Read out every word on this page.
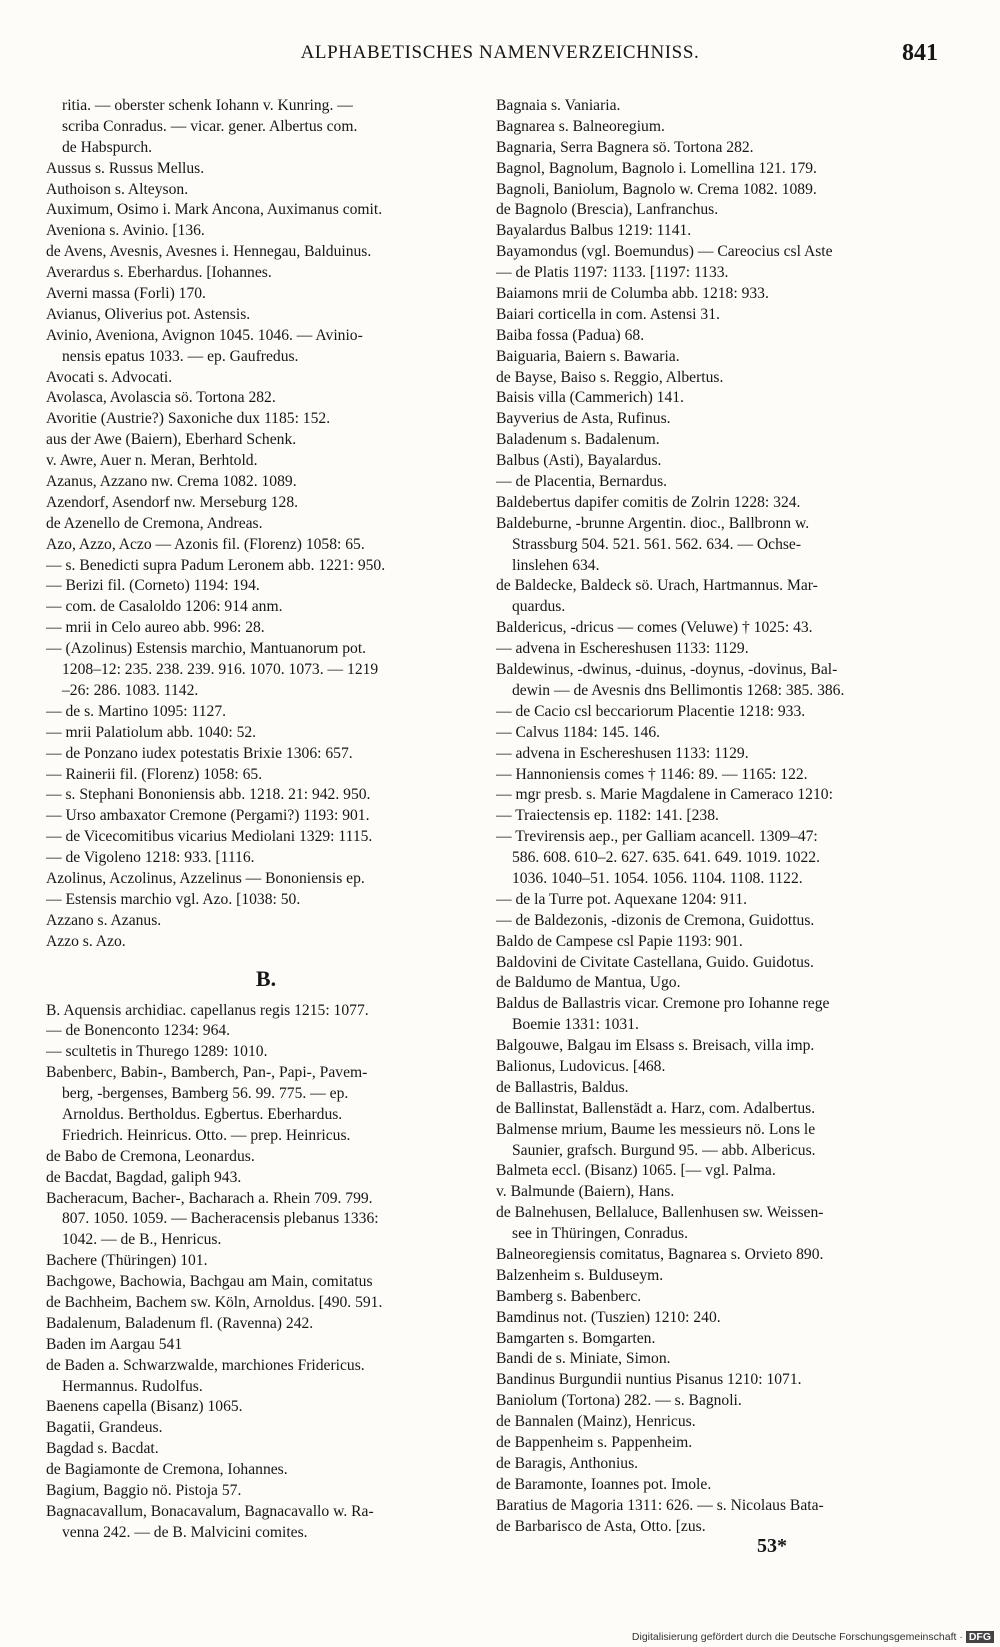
ALPHABETISCHES NAMENVERZEICHNISS.	841
ritia. — oberster schenk Iohann v. Kunring. —
scriba Conradus. — vicar. gener. Albertus com.
de Habspurch.
Aussus s. Russus Mellus.
Authoison s. Alteyson.
Auximum, Osimo i. Mark Ancona, Auximanus comit.
Aveniona s. Avinio. [136.
de Avens, Avesnis, Avesnes i. Hennegau, Balduinus.
Averardus s. Eberhardus. [Iohannes.
Averni massa (Forli) 170.
Avianus, Oliverius pot. Astensis.
Avinio, Aveniona, Avignon 1045. 1046. — Avinio-
nensis epatus 1033. — ep. Gaufredus.
Avocati s. Advocati.
Avolasca, Avolascia sö. Tortona 282.
Avoritie (Austrie?) Saxoniche dux 1185: 152.
aus der Awe (Baiern), Eberhard Schenk.
v. Awre, Auer n. Meran, Berhtold.
Azanus, Azzano nw. Crema 1082. 1089.
Azendorf, Asendorf nw. Merseburg 128.
de Azenello de Cremona, Andreas.
Azo, Azzo, Aczo — Azonis fil. (Florenz) 1058: 65.
— s. Benedicti supra Padum Leronem abb. 1221: 950.
— Berizi fil. (Corneto) 1194: 194.
— com. de Casaloldo 1206: 914 anm.
— mrii in Celo aureo abb. 996: 28.
— (Azolinus) Estensis marchio, Mantuanorum pot.
1208–12: 235. 238. 239. 916. 1070. 1073. — 1219
–26: 286. 1083. 1142.
— de s. Martino 1095: 1127.
— mrii Palatiolum abb. 1040: 52.
— de Ponzano iudex potestatis Brixie 1306: 657.
— Rainerii fil. (Florenz) 1058: 65.
— s. Stephani Bononiensis abb. 1218. 21: 942. 950.
— Urso ambaxator Cremone (Pergami?) 1193: 901.
— de Vicecomitibus vicarius Mediolani 1329: 1115.
— de Vigoleno 1218: 933. [1116.
Azolinus, Aczolinus, Azzelinus — Bononiensis ep.
— Estensis marchio vgl. Azo. [1038: 50.
Azzano s. Azanus.
Azzo s. Azo.
B.
B. Aquensis archidiac. capellanus regis 1215: 1077.
— de Bonenconto 1234: 964.
— scultetis in Thurego 1289: 1010.
Babenberc, Babin-, Bamberch, Pan-, Papi-, Pavem-
berg, -bergenses, Bamberg 56. 99. 775. — ep.
Arnoldus. Bertholdus. Egbertus. Eberhardus.
Friedrich. Heinricus. Otto. — prep. Heinricus.
de Babo de Cremona, Leonardus.
de Bacdat, Bagdad, galiph 943.
Bacheracum, Bacher-, Bacharach a. Rhein 709. 799.
807. 1050. 1059. — Bacheracensis plebanus 1336:
1042. — de B., Henricus.
Bachere (Thüringen) 101.
Bachgowe, Bachowia, Bachgau am Main, comitatus
de Bachheim, Bachem sw. Köln, Arnoldus. [490. 591.
Badalenum, Baladenum fl. (Ravenna) 242.
Baden im Aargau 541
de Baden a. Schwarzwalde, marchiones Fridericus.
Hermannus. Rudolfus.
Baenens capella (Bisanz) 1065.
Bagatii, Grandeus.
Bagdad s. Bacdat.
de Bagiamonte de Cremona, Iohannes.
Bagium, Baggio nö. Pistoja 57.
Bagnacavallum, Bonacavalum, Bagnacavallo w. Ra-
venna 242. — de B. Malvicini comites.
Bagnaia s. Vaniaria.
Bagnarea s. Balneoregium.
Bagnaria, Serra Bagnera sö. Tortona 282.
Bagnol, Bagnolum, Bagnolo i. Lomellina 121. 179.
Bagnoli, Baniolum, Bagnolo w. Crema 1082. 1089.
de Bagnolo (Brescia), Lanfranchus.
Bayalardus Balbus 1219: 1141.
Bayamondus (vgl. Boemundus) — Careocius csl Aste
— de Platis 1197: 1133. [1197: 1133.
Baiamons mrii de Columba abb. 1218: 933.
Baiari corticella in com. Astensi 31.
Baiba fossa (Padua) 68.
Baiguaria, Baiern s. Bawaria.
de Bayse, Baiso s. Reggio, Albertus.
Baisis villa (Cammerich) 141.
Bayverius de Asta, Rufinus.
Baladenum s. Badalenum.
Balbus (Asti), Bayalardus.
— de Placentia, Bernardus.
Baldebertus dapifer comitis de Zolrin 1228: 324.
Baldeburne, -brunne Argentin. dioc., Ballbronn w.
Strassburg 504. 521. 561. 562. 634. — Ochse-
linslehen 634.
de Baldecke, Baldeck sö. Urach, Hartmannus. Mar-
quardus.
Baldericus, -dricus — comes (Veluwe) † 1025: 43.
— advena in Eschereshusen 1133: 1129.
Baldewinus, -dwinus, -duinus, -doynus, -dovinus, Bal-
dewin — de Avesnis dns Bellimontis 1268: 385. 386.
— de Cacio csl beccariorum Placentie 1218: 933.
— Calvus 1184: 145. 146.
— advena in Eschereshusen 1133: 1129.
— Hannoniensis comes † 1146: 89. — 1165: 122.
— mgr presb. s. Marie Magdalene in Cameraco 1210:
— Traiectensis ep. 1182: 141. [238.
— Trevirensis aep., per Galliam acancell. 1309–47:
586. 608. 610–2. 627. 635. 641. 649. 1019. 1022.
1036. 1040–51. 1054. 1056. 1104. 1108. 1122.
— de la Turre pot. Aquexane 1204: 911.
— de Baldezonis, -dizonis de Cremona, Guidottus.
Baldo de Campese csl Papie 1193: 901.
Baldovini de Civitate Castellana, Guido. Guidotus.
de Baldumo de Mantua, Ugo.
Baldus de Ballastris vicar. Cremone pro Iohanne rege
Boemie 1331: 1031.
Balgouwe, Balgau im Elsass s. Breisach, villa imp.
Balionus, Ludovicus. [468.
de Ballastris, Baldus.
de Ballinstat, Ballenstädt a. Harz, com. Adalbertus.
Balmense mrium, Baume les messieurs nö. Lons le
Saunier, grafsch. Burgund 95. — abb. Albericus.
Balmeta eccl. (Bisanz) 1065. [— vgl. Palma.
v. Balmunde (Baiern), Hans.
de Balnehusen, Bellaluce, Ballenhusen sw. Weissen-
see in Thüringen, Conradus.
Balneoregiensis comitatus, Bagnarea s. Orvieto 890.
Balzenheim s. Bulduseym.
Bamberg s. Babenberc.
Bamdinus not. (Tuszien) 1210: 240.
Bamgarten s. Bomgarten.
Bandi de s. Miniate, Simon.
Bandinus Burgundii nuntius Pisanus 1210: 1071.
Baniolum (Tortona) 282. — s. Bagnoli.
de Bannalen (Mainz), Henricus.
de Bappenheim s. Pappenheim.
de Baragis, Anthonius.
de Baramonte, Ioannes pot. Imole.
Baratius de Magoria 1311: 626. — s. Nicolaus Bata-
de Barbarisco de Asta, Otto. [zus.
53*
Digitalisierung gefördert durch die Deutsche Forschungsgemeinschaft · DFG
